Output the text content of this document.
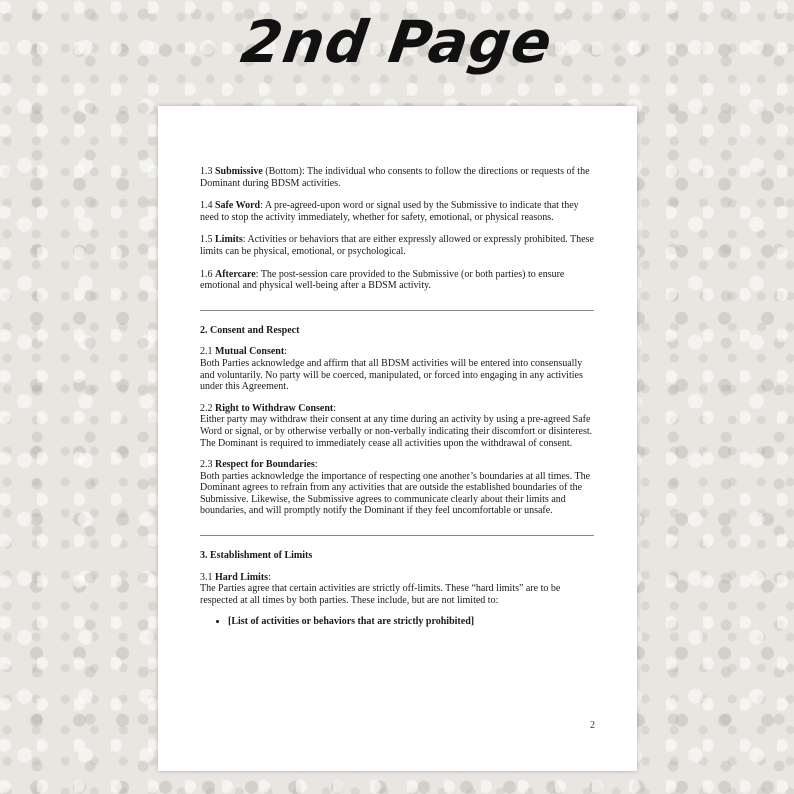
2nd Page

1.3 Submissive (Bottom): The individual who consents to follow the directions or requests of the Dominant during BDSM activities.

1.4 Safe Word: A pre-agreed-upon word or signal used by the Submissive to indicate that they need to stop the activity immediately, whether for safety, emotional, or physical reasons.

1.5 Limits: Activities or behaviors that are either expressly allowed or expressly prohibited. These limits can be physical, emotional, or psychological.

1.6 Aftercare: The post-session care provided to the Submissive (or both parties) to ensure emotional and physical well-being after a BDSM activity.

2. Consent and Respect

2.1 Mutual Consent:
Both Parties acknowledge and affirm that all BDSM activities will be entered into consensually and voluntarily. No party will be coerced, manipulated, or forced into engaging in any activities under this Agreement.
2.2 Right to Withdraw Consent:
Either party may withdraw their consent at any time during an activity by using a pre-agreed Safe Word or signal, or by otherwise verbally or non-verbally indicating their discomfort or disinterest. The Dominant is required to immediately cease all activities upon the withdrawal of consent.
2.3 Respect for Boundaries:
Both parties acknowledge the importance of respecting one another’s boundaries at all times. The Dominant agrees to refrain from any activities that are outside the established boundaries of the Submissive. Likewise, the Submissive agrees to communicate clearly about their limits and boundaries, and will promptly notify the Dominant if they feel uncomfortable or unsafe.

3. Establishment of Limits

3.1 Hard Limits:
The Parties agree that certain activities are strictly off-limits. These “hard limits” are to be respected at all times by both parties. These include, but are not limited to:
• [List of activities or behaviors that are strictly prohibited]
2
